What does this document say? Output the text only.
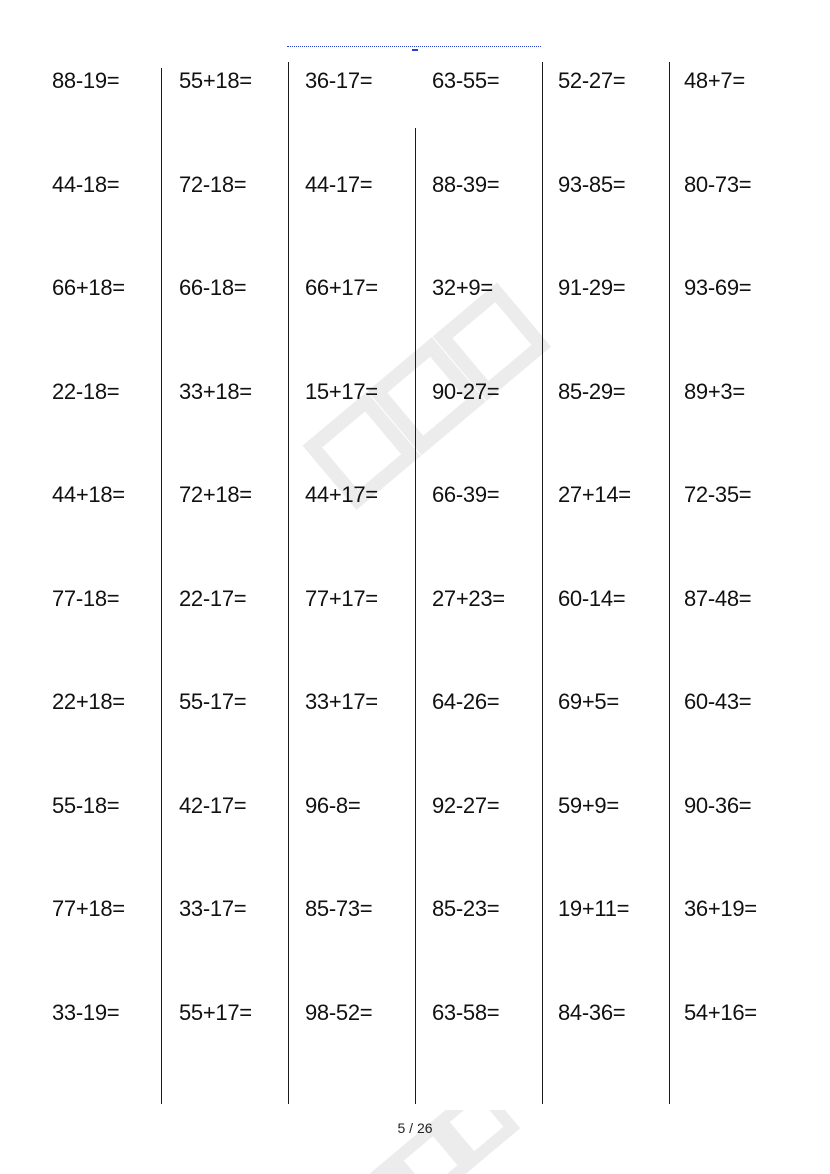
88-19=	55+18= 36-17=	63-55=	52-27=	48+7=
44-18=	72-18=	44-17=	88-39=	93-85=	80-73=
66+18= 66-18=	66+17= 32+9=	91-29=	93-69=
22-18=	33+18= 15+17= 90-27=	85-29=	89+3=
44+18= 72+18= 44+17= 66-39=	27+14= 72-35=
77-18=	22-17=	77+17= 27+23= 60-14=	87-48=
22+18= 55-17=	33+17= 64-26=	69+5=	60-43=
55-18=	42-17=	96-8=	92-27=	59+9=	90-36=
77+18= 33-17=	85-73=	85-23=	19+11= 36+19=
33-19=	55+17= 98-52=	63-58=	84-36=	54+16=
5 / 26
